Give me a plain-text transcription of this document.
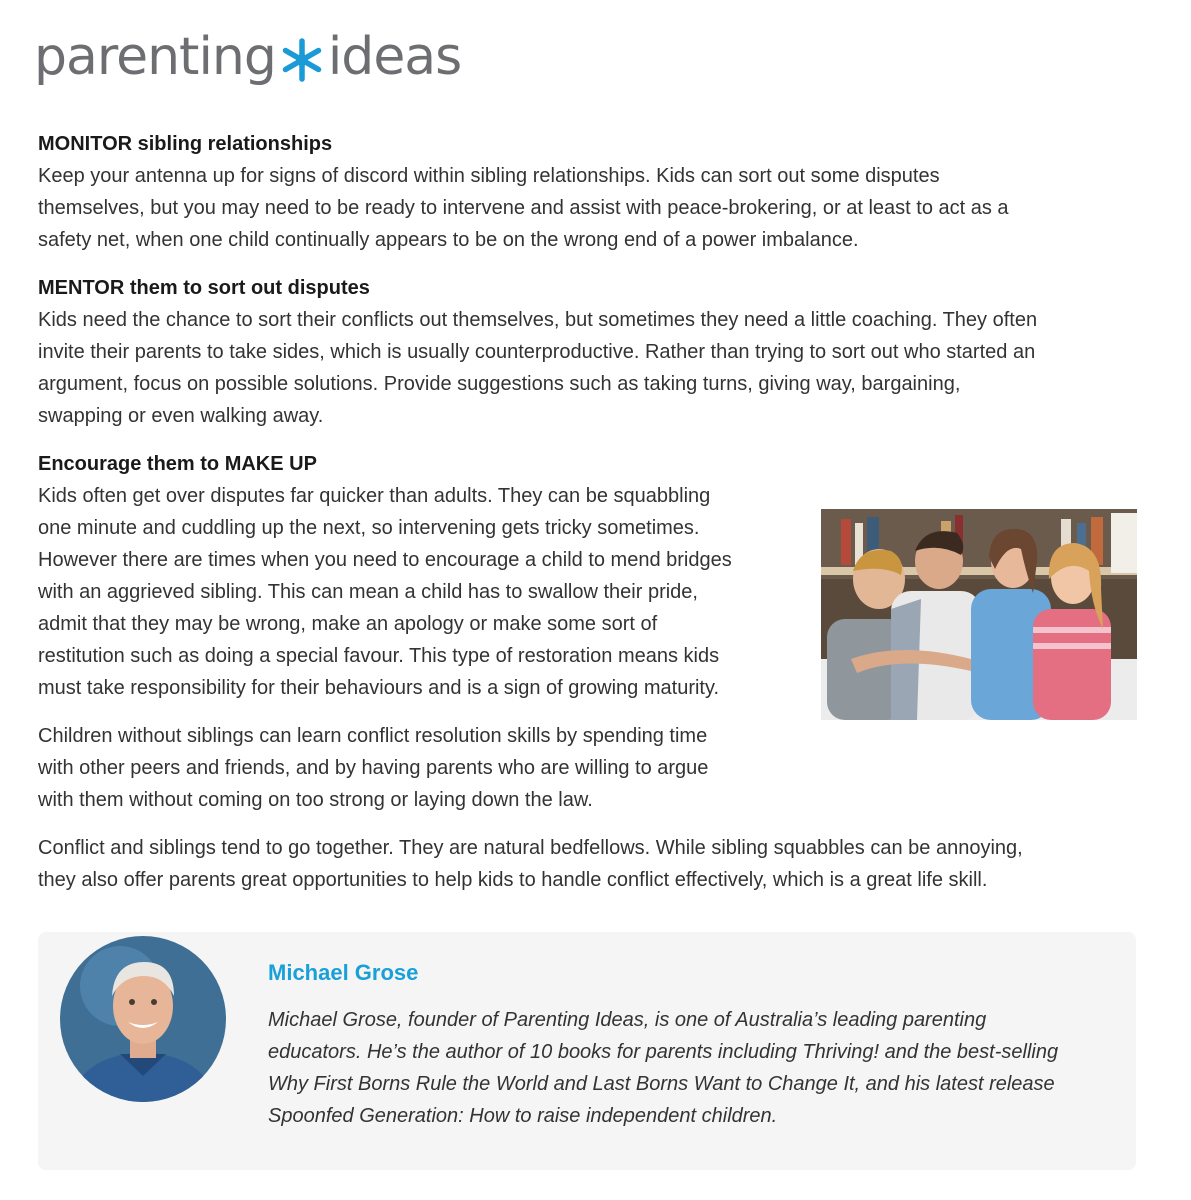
parenting ideas
MONITOR sibling relationships
Keep your antenna up for signs of discord within sibling relationships. Kids can sort out some disputes
themselves, but you may need to be ready to intervene and assist with peace-brokering, or at least to act as a
safety net, when one child continually appears to be on the wrong end of a power imbalance.
MENTOR them to sort out disputes
Kids need the chance to sort their conflicts out themselves, but sometimes they need a little coaching. They often
invite their parents to take sides, which is usually counterproductive. Rather than trying to sort out who started an
argument, focus on possible solutions. Provide suggestions such as taking turns, giving way, bargaining,
swapping or even walking away.
Encourage them to MAKE UP
Kids often get over disputes far quicker than adults. They can be squabbling
one minute and cuddling up the next, so intervening gets tricky sometimes.
However there are times when you need to encourage a child to mend bridges
with an aggrieved sibling. This can mean a child has to swallow their pride,
admit that they may be wrong, make an apology or make some sort of
restitution such as doing a special favour. This type of restoration means kids
must take responsibility for their behaviours and is a sign of growing maturity.
Children without siblings can learn conflict resolution skills by spending time
with other peers and friends, and by having parents who are willing to argue
with them without coming on too strong or laying down the law.
Conflict and siblings tend to go together. They are natural bedfellows. While sibling squabbles can be annoying,
they also offer parents great opportunities to help kids to handle conflict effectively, which is a great life skill.
Michael Grose
Michael Grose, founder of Parenting Ideas, is one of Australia’s leading parenting
educators. He’s the author of 10 books for parents including Thriving! and the best-selling
Why First Borns Rule the World and Last Borns Want to Change It, and his latest release
Spoonfed Generation: How to raise independent children.
